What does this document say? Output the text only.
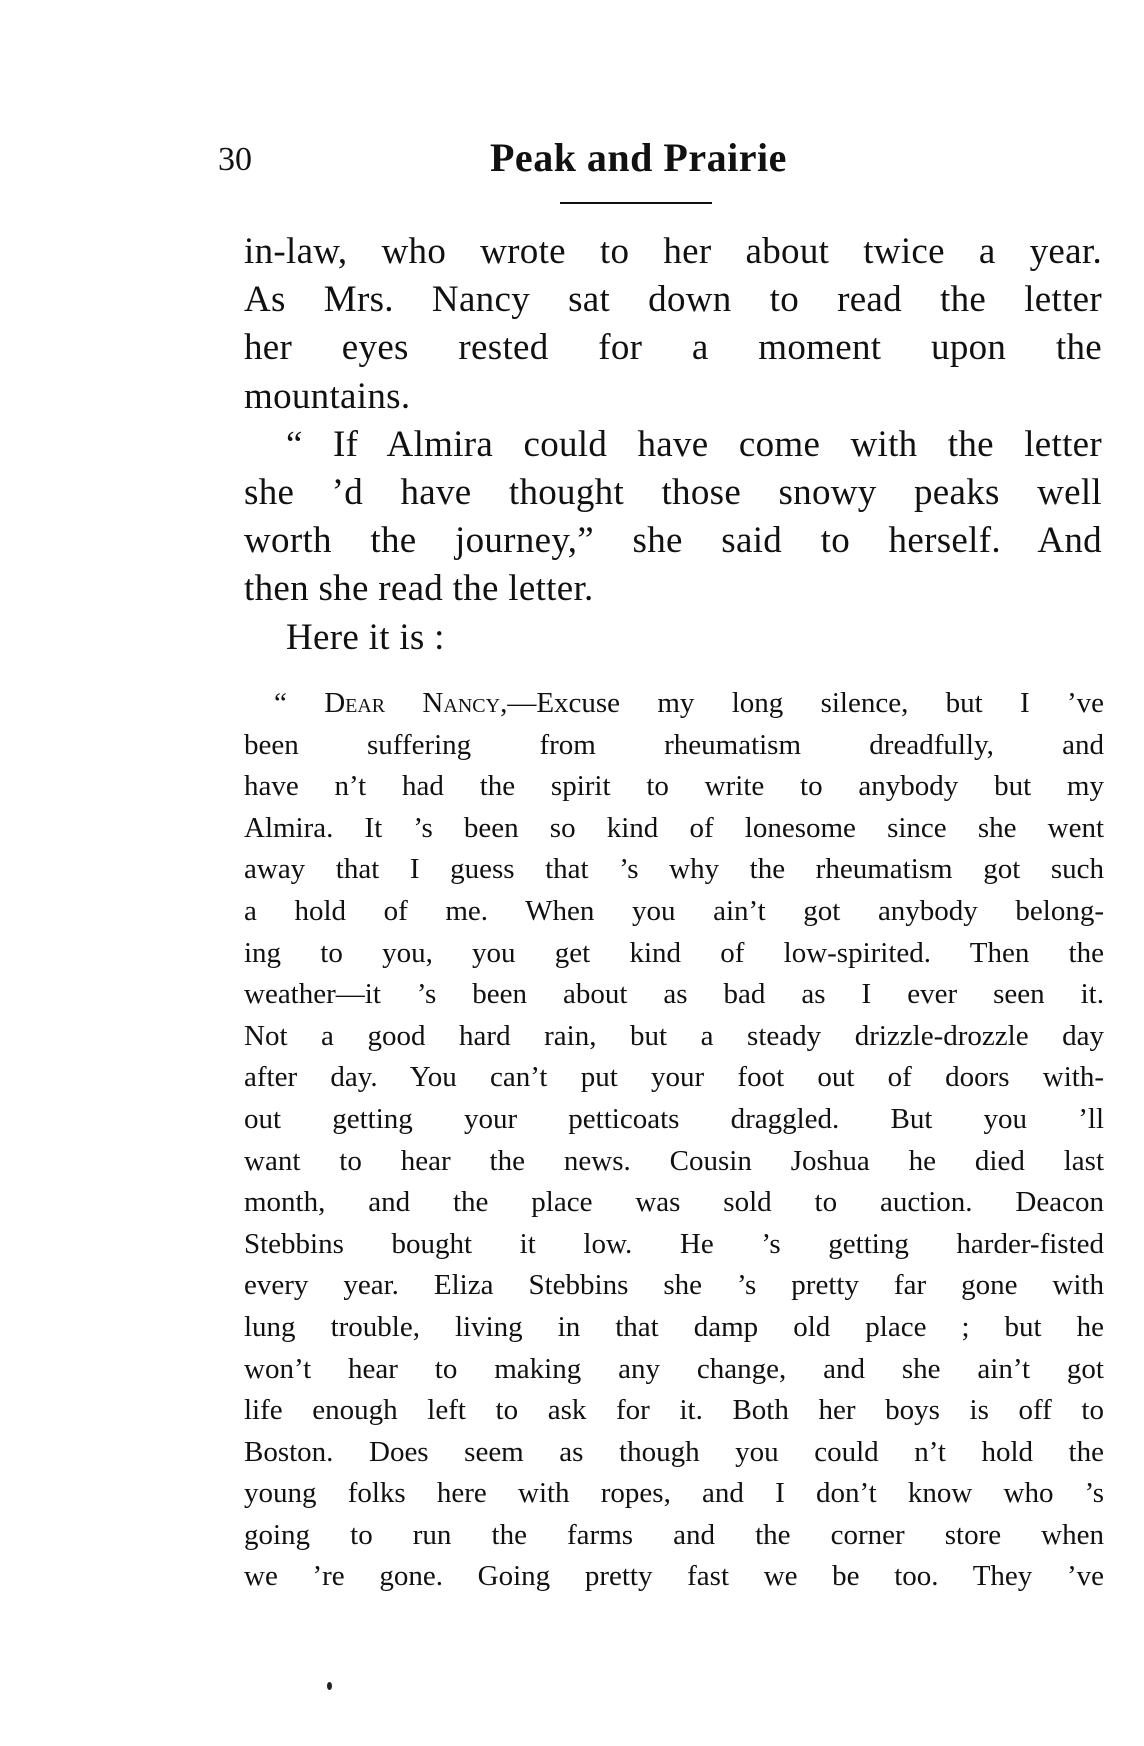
30	Peak and Prairie
in-law, who wrote to her about twice a year.
As Mrs. Nancy sat down to read the letter
her eyes rested for a moment upon the
mountains.
“ If Almira could have come with the letter
she ’d have thought those snowy peaks well
worth the journey,” she said to herself. And
then she read the letter.
Here it is :
“ Dear Nancy,—Excuse my long silence, but I ’ve
been suffering from rheumatism dreadfully, and
have n’t had the spirit to write to anybody but my
Almira. It ’s been so kind of lonesome since she went
away that I guess that ’s why the rheumatism got such
a hold of me. When you ain’t got anybody belong-
ing to you, you get kind of low-spirited. Then the
weather—it ’s been about as bad as I ever seen it.
Not a good hard rain, but a steady drizzle-drozzle day
after day. You can’t put your foot out of doors with-
out getting your petticoats draggled. But you ’ll
want to hear the news. Cousin Joshua he died last
month, and the place was sold to auction. Deacon
Stebbins bought it low. He ’s getting harder-fisted
every year. Eliza Stebbins she ’s pretty far gone with
lung trouble, living in that damp old place ; but he
won’t hear to making any change, and she ain’t got
life enough left to ask for it. Both her boys is off to
Boston. Does seem as though you could n’t hold the
young folks here with ropes, and I don’t know who ’s
going to run the farms and the corner store when
we ’re gone. Going pretty fast we be too. They ’ve
